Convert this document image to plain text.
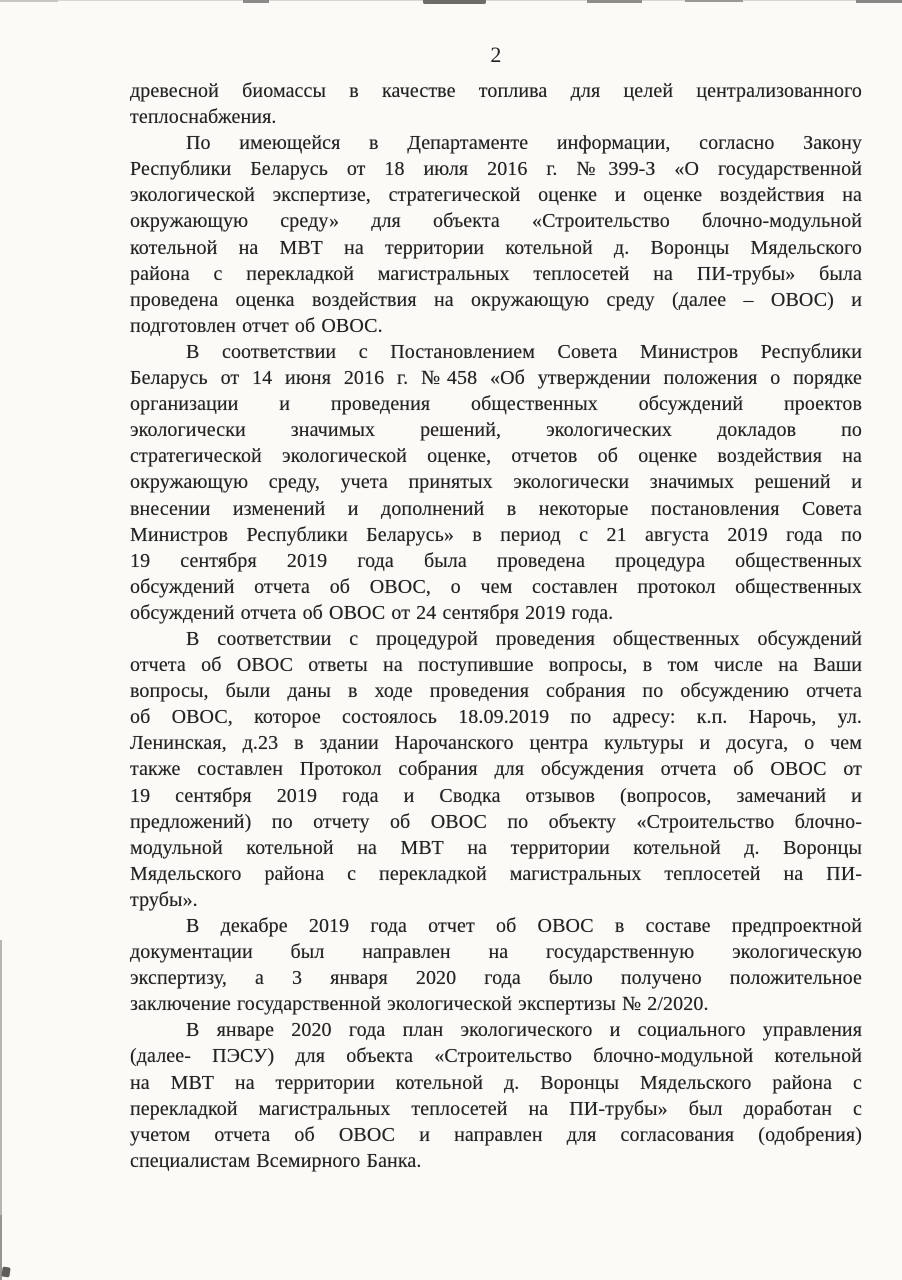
2
древесной биомассы в качестве топлива для целей централизованного
теплоснабжения.
По имеющейся в Департаменте информации, согласно Закону
Республики Беларусь от 18 июля 2016 г. №399-З «О государственной
экологической экспертизе, стратегической оценке и оценке воздействия на
окружающую среду» для объекта «Строительство блочно-модульной
котельной на МВТ на территории котельной д. Воронцы Мядельского
района с перекладкой магистральных теплосетей на ПИ-трубы» была
проведена оценка воздействия на окружающую среду (далее – ОВОС) и
подготовлен отчет об ОВОС.
В соответствии с Постановлением Совета Министров Республики
Беларусь от 14 июня 2016 г. №458 «Об утверждении положения о порядке
организации и проведения общественных обсуждений проектов
экологически значимых решений, экологических докладов по
стратегической экологической оценке, отчетов об оценке воздействия на
окружающую среду, учета принятых экологически значимых решений и
внесении изменений и дополнений в некоторые постановления Совета
Министров Республики Беларусь» в период с 21 августа 2019 года по
19 сентября 2019 года была проведена процедура общественных
обсуждений отчета об ОВОС, о чем составлен протокол общественных
обсуждений отчета об ОВОС от 24 сентября 2019 года.
В соответствии с процедурой проведения общественных обсуждений
отчета об ОВОС ответы на поступившие вопросы, в том числе на Ваши
вопросы, были даны в ходе проведения собрания по обсуждению отчета
об ОВОС, которое состоялось 18.09.2019 по адресу: к.п. Нарочь, ул.
Ленинская, д.23 в здании Нарочанского центра культуры и досуга, о чем
также составлен Протокол собрания для обсуждения отчета об ОВОС от
19 сентября 2019 года и Сводка отзывов (вопросов, замечаний и
предложений) по отчету об ОВОС по объекту «Строительство блочно-
модульной котельной на МВТ на территории котельной д. Воронцы
Мядельского района с перекладкой магистральных теплосетей на ПИ-
трубы».
В декабре 2019 года отчет об ОВОС в составе предпроектной
документации был направлен на государственную экологическую
экспертизу, а 3 января 2020 года было получено положительное
заключение государственной экологической экспертизы № 2/2020.
В январе 2020 года план экологического и социального управления
(далее- ПЭСУ) для объекта «Строительство блочно-модульной котельной
на МВТ на территории котельной д. Воронцы Мядельского района с
перекладкой магистральных теплосетей на ПИ-трубы» был доработан с
учетом отчета об ОВОС и направлен для согласования (одобрения)
специалистам Всемирного Банка.
